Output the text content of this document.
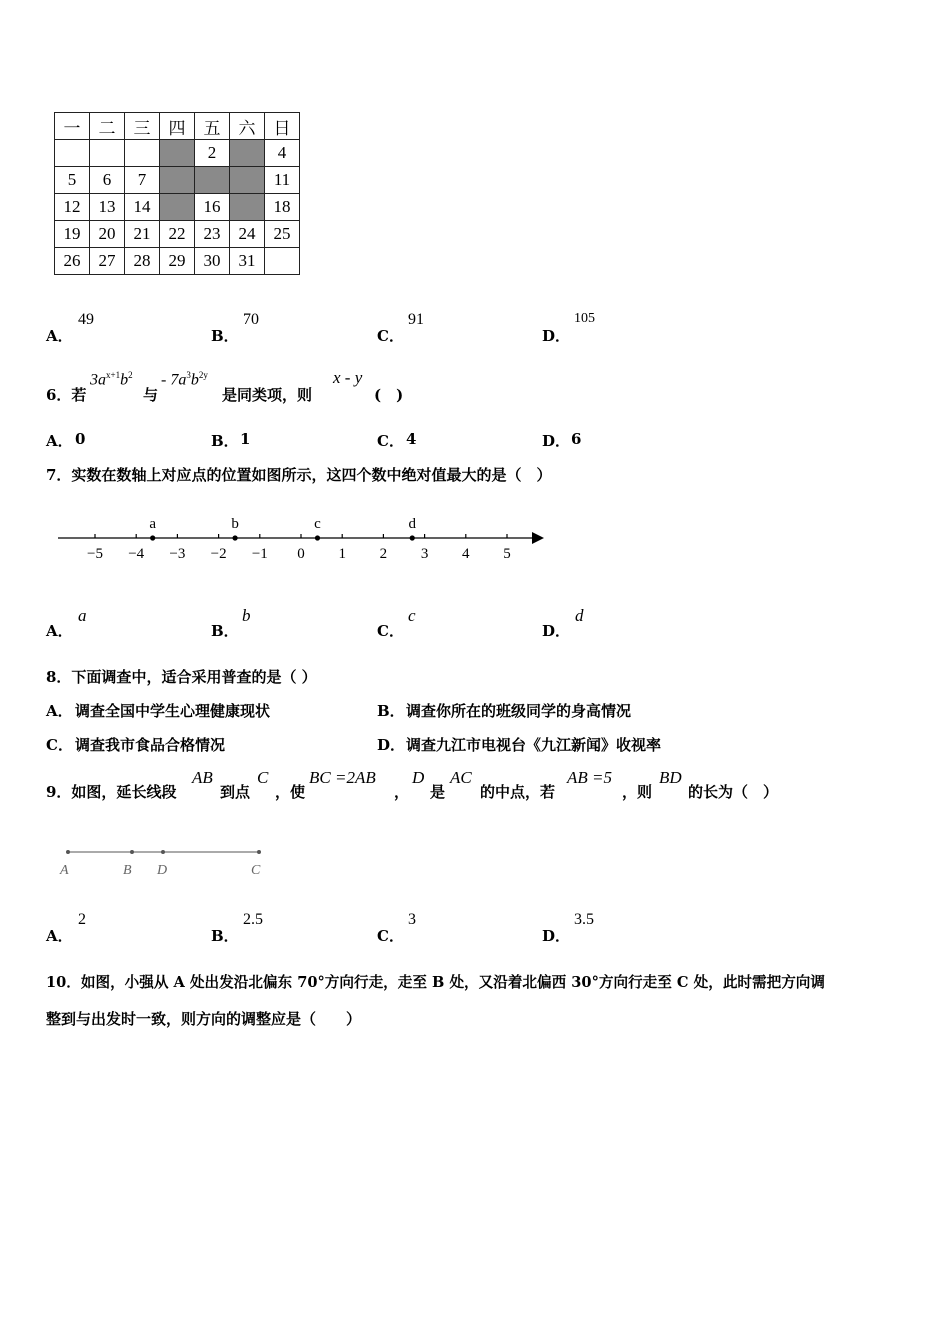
一	二	三	四	五	六	日
				2		4
5	6	7				11
12	13	14		16		18
19	20	21	22	23	24	25
26	27	28	29	30	31	
A．
49
B．
70
C．
91
D．
105
6．若
$3a^{x+1}b^2$
与
- $7a^3b^{2y}$
是同类项，则
x - y
(　)
A． 0	B． 1	C． 4	D． 6
7．实数在数轴上对应点的位置如图所示，这四个数中绝对值最大的是（　）
−5 −4 −3 −2 −1 0 1 2 3 4 5
a	b	c	d
A．
a
B．
b
C．
c
D．
d
8．下面调查中，适合采用普查的是（ ）
A． 调查全国中学生心理健康现状	B． 调查你所在的班级同学的身高情况
C． 调查我市食品合格情况	D． 调查九江市电视台《九江新闻》收视率
9．如图，延长线段
AB
到点
C
，使
BC =2AB
，
D
是
AC
的中点，若
AB =5
，则
BD
的长为（　）
A	B D	C
A．
2
B．
2.5
C．
3
D．
3.5
10．如图，小强从 A 处出发沿北偏东 70°方向行走，走至 B 处，又沿着北偏西 30°方向行走至 C 处，此时需把方向调
整到与出发时一致，则方向的调整应是（　　）
